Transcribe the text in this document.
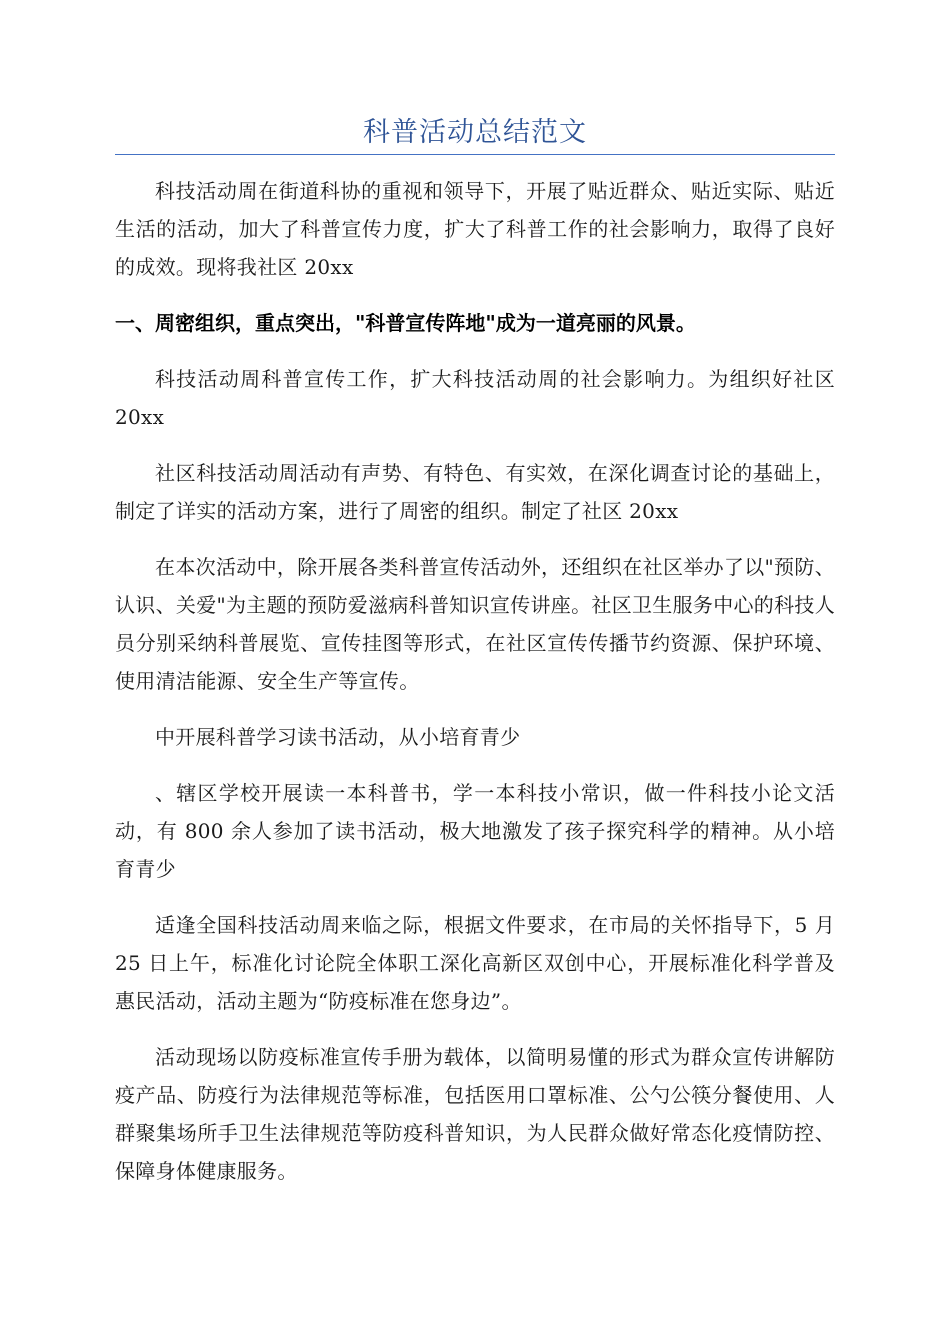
科普活动总结范文

科技活动周在街道科协的重视和领导下，开展了贴近群众、贴近实际、贴近生活的活动，加大了科普宣传力度，扩大了科普工作的社会影响力，取得了良好的成效。现将我社区 20xx

一、周密组织，重点突出，"科普宣传阵地"成为一道亮丽的风景。

科技活动周科普宣传工作，扩大科技活动周的社会影响力。为组织好社区 20xx

社区科技活动周活动有声势、有特色、有实效，在深化调查讨论的基础上，制定了详实的活动方案，进行了周密的组织。制定了社区 20xx

在本次活动中，除开展各类科普宣传活动外，还组织在社区举办了以"预防、认识、关爱"为主题的预防爱滋病科普知识宣传讲座。社区卫生服务中心的科技人员分别采纳科普展览、宣传挂图等形式，在社区宣传传播节约资源、保护环境、使用清洁能源、安全生产等宣传。

中开展科普学习读书活动，从小培育青少

、辖区学校开展读一本科普书，学一本科技小常识，做一件科技小论文活动，有 800 余人参加了读书活动，极大地激发了孩子探究科学的精神。从小培育青少

适逢全国科技活动周来临之际，根据文件要求，在市局的关怀指导下，5 月 25 日上午，标准化讨论院全体职工深化高新区双创中心，开展标准化科学普及惠民活动，活动主题为“防疫标准在您身边”。

活动现场以防疫标准宣传手册为载体，以简明易懂的形式为群众宣传讲解防疫产品、防疫行为法律规范等标准，包括医用口罩标准、公勺公筷分餐使用、人群聚集场所手卫生法律规范等防疫科普知识，为人民群众做好常态化疫情防控、保障身体健康服务。
